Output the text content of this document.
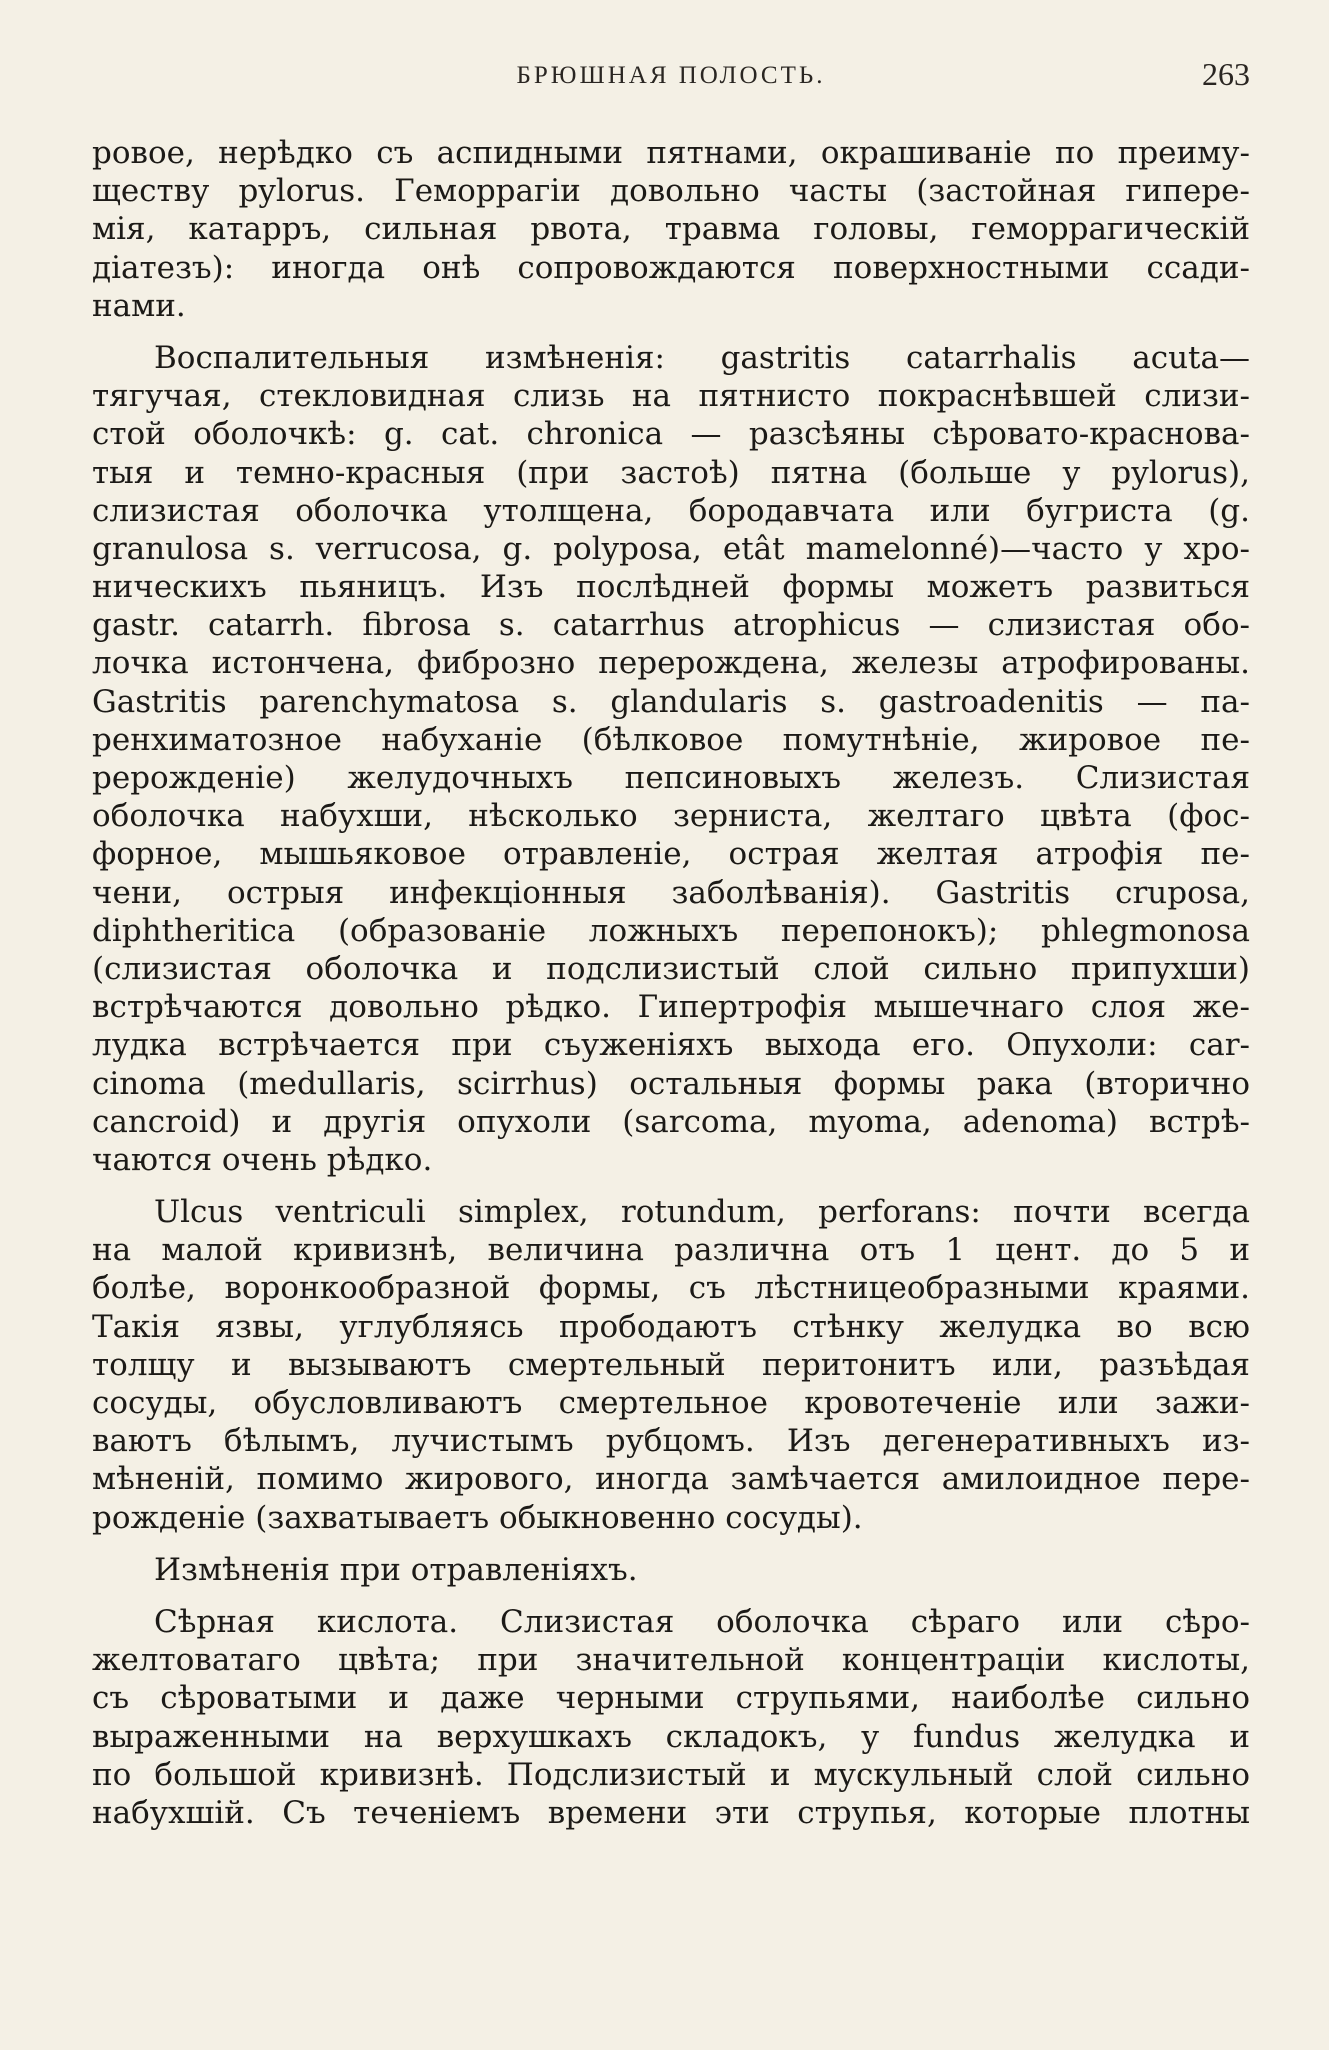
БРЮШНАЯ ПОЛОСТЬ.	263
ровое, нерѣдко съ аспидными пятнами, окрашиванiе по преиму-
ществу pylorus. Геморрагiи довольно часты (застойная гипере-
мiя, катарръ, сильная рвота, травма головы, геморрагическiй
дiатезъ): иногда онѣ сопровождаются поверхностными ссади-
нами.
Воспалительныя измѣненiя: gastritis catarrhalis acuta—
тягучая, стекловидная слизь на пятнисто покраснѣвшей слизи-
стой оболочкѣ: g. cat. chronica — разсѣяны сѣровато-краснова-
тыя и темно-красныя (при застоѣ) пятна (больше у pylorus),
слизистая оболочка утолщена, бородавчата или бугриста (g.
granulosa s. verrucosa, g. polyposa, etât mamelonné)—часто у хро-
ническихъ пьяницъ. Изъ послѣдней формы можетъ развиться
gastr. catarrh. fibrosa s. catarrhus atrophicus — слизистая обо-
лочка истончена, фиброзно перерождена, железы атрофированы.
Gastritis parenchymatosa s. glandularis s. gastroadenitis — па-
ренхиматозное набуханiе (бѣлковое помутнѣнiе, жировое пе-
рерожденiе) желудочныхъ пепсиновыхъ железъ. Слизистая
оболочка набухши, нѣсколько зерниста, желтаго цвѣта (фос-
форное, мышьяковое отравленiе, острая желтая атрофiя пе-
чени, острыя инфекцiонныя заболѣванiя). Gastritis cruposa,
diphtheritica (образованiе ложныхъ перепонокъ); phlegmonosa
(слизистая оболочка и подслизистый слой сильно припухши)
встрѣчаются довольно рѣдко. Гипертрофiя мышечнаго слоя же-
лудка встрѣчается при съуженiяхъ выхода его. Опухоли: car-
cinoma (medullaris, scirrhus) остальныя формы рака (вторично
cancroid) и другiя опухоли (sarcoma, myoma, adenoma) встрѣ-
чаются очень рѣдко.
Ulcus ventriculi simplex, rotundum, perforans: почти всегда
на малой кривизнѣ, величина различна отъ 1 цент. до 5 и
болѣе, воронкообразной формы, съ лѣстницеобразными краями.
Такiя язвы, углубляясь прободаютъ стѣнку желудка во всю
толщу и вызываютъ смертельный перитонитъ или, разъѣдая
сосуды, обусловливаютъ смертельное кровотеченiе или зажи-
ваютъ бѣлымъ, лучистымъ рубцомъ. Изъ дегенеративныхъ из-
мѣненiй, помимо жирового, иногда замѣчается амилоидное пере-
рожденiе (захватываетъ обыкновенно сосуды).
Измѣненiя при отравленiяхъ.
Сѣрная кислота. Слизистая оболочка сѣраго или сѣро-
желтоватаго цвѣта; при значительной концентрацiи кислоты,
съ сѣроватыми и даже черными струпьями, наиболѣе сильно
выраженными на верхушкахъ складокъ, у fundus желудка и
по большой кривизнѣ. Подслизистый и мускульный слой сильно
набухшiй. Съ теченiемъ времени эти струпья, которые плотны
